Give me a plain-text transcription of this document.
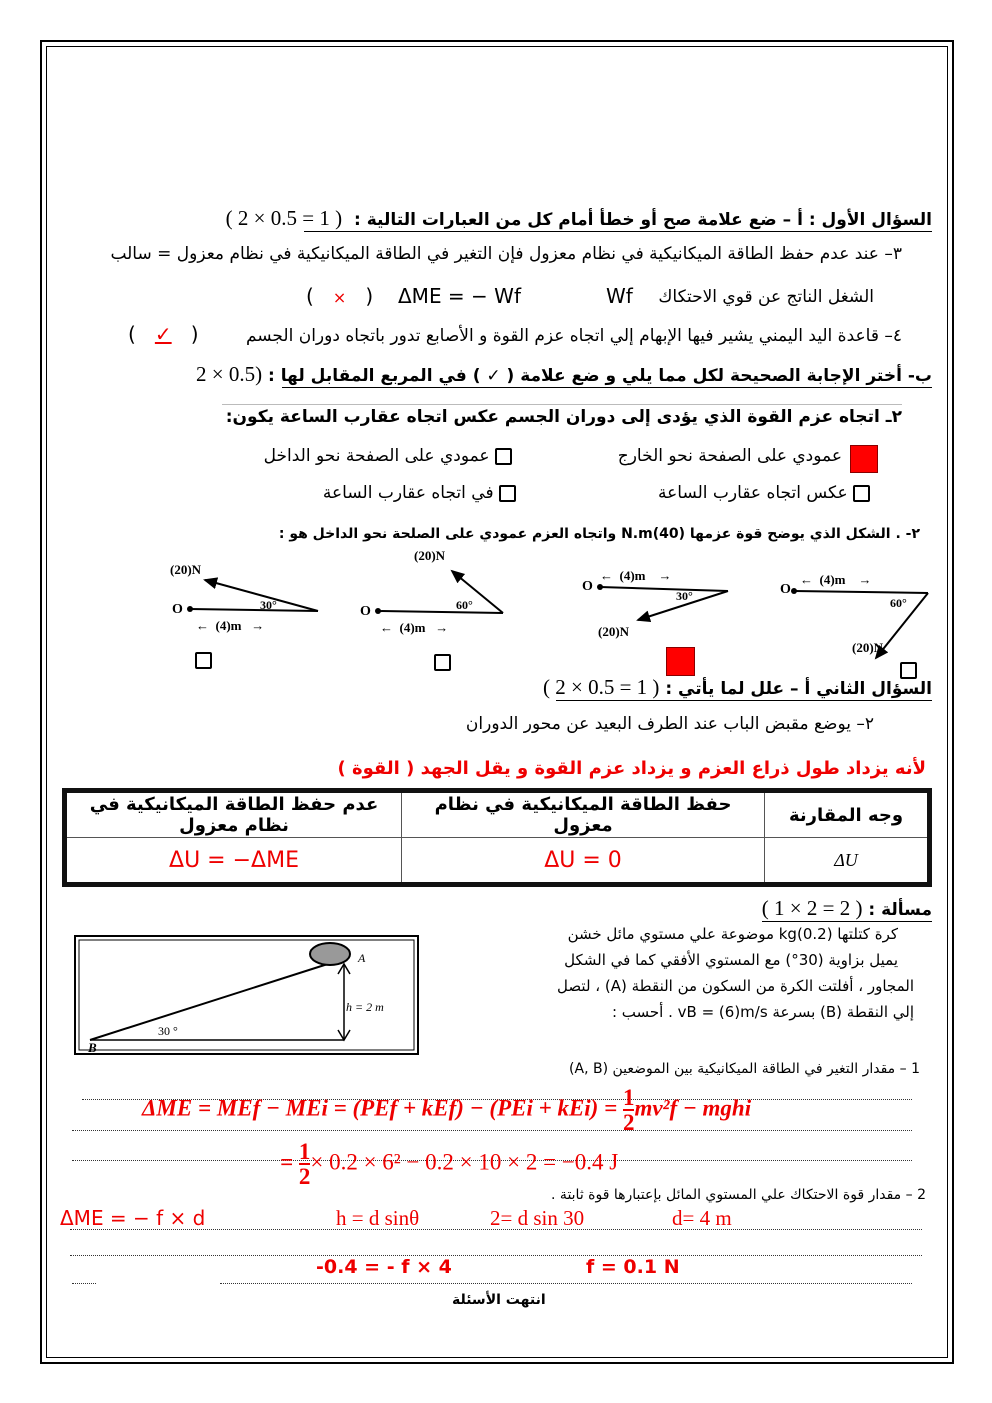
السؤال الأول : أ – ضع علامة صح أو خطأ أمام كل من العبارات التالية : ( 2 × 0.5 = 1 )
٣– عند عدم حفظ الطاقة الميكانيكية في نظام معزول فإن التغير في الطاقة الميكانيكية في نظام معزول = سالب
الشغل الناتج عن قوي الاحتكاك
Wf
ΔME = − Wf
(   ×   )
٤– قاعدة اليد اليمني يشير فيها الإبهام إلي اتجاه عزم القوة و الأصابع تدور باتجاه دوران الجسم
(   ✓   )
ب- أختر الإجابة الصحيحة لكل مما يلي و ضع علامة ( ✓ ) في المربع المقابل لها : 2 × 0.5)
٢ـ اتجاه عزم القوة الذي يؤدى إلى دوران الجسم عكس اتجاه عقارب الساعة يكون:
عمودي على الصفحة نحو الخارج
عمودي على الصفحة نحو الداخل
عكس اتجاه عقارب الساعة
في اتجاه عقارب الساعة
٢- . الشكل الذي يوضح قوة عزمها (40)N.m واتجاه العزم عمودي على الصلحة نحو الداخل هو :
(20)N
O	30°
←  (4)m   →
(20)N
O	60°
←  (4)m   →
O
←  (4)m    →
30°
(20)N
O
←  (4)m    →
60°
(20)N
السؤال الثاني أ – علل لما يأتي : ( 2 × 0.5 = 1 )
٢– يوضع مقبض الباب عند الطرف البعيد عن محور الدوران
لأنه يزداد طول ذراع العزم و يزداد عزم القوة و يقل الجهد ( القوة )
وجه المقارنة	حفظ الطاقة الميكانيكية في نظام معزول	عدم حفظ الطاقة الميكانيكية في نظام معزول
ΔU	ΔU = 0	ΔU = −ΔME
مسألة : ( 1 × 2 = 2 )
كرة كتلتها (0.2)kg موضوعة علي مستوي مائل خشن
يميل بزاوية (30°) مع المستوي الأفقي كما في الشكل
المجاور ، أفلتت الكرة من السكون من النقطة (A) ، لتصل
إلي النقطة (B) بسرعة vB = (6)m/s . أحسب :
A
B
h = 2 m
30 °
1 – مقدار التغير في الطاقة الميكانيكية بين الموضعين (A, B)
ΔME = MEf − MEi = $(PEf + kEf) - (PEi + kEi) = \frac{1}{2} mv^2f$ − mghi
= $\frac{1}{2} \times 0.2 \times 6^2 - 0.2 \times 10 \times 2 = -0.4$ J
2 – مقدار قوة الاحتكاك علي المستوي المائل بإعتبارها قوة ثابتة .
ΔME = − f × d	h = d sinθ	2= d sin 30	d= 4 m
-0.4 = - f × 4	f = 0.1 N
انتهت الأسئلة
